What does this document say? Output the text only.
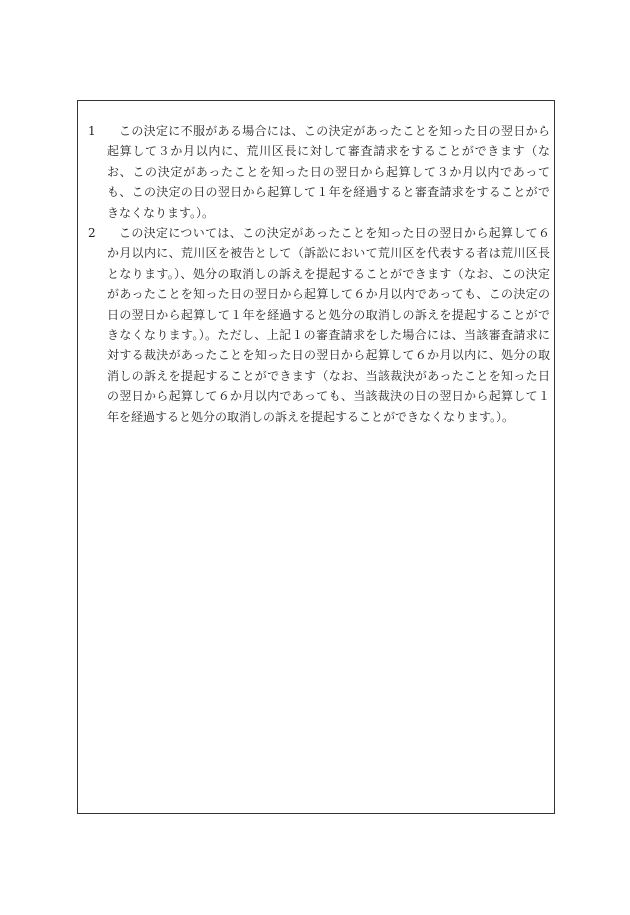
1	この決定に不服がある場合には、この決定があったことを知った日の翌日から起算して３か月以内に、荒川区長に対して審査請求をすることができます（なお、この決定があったことを知った日の翌日から起算して３か月以内であっても、この決定の日の翌日から起算して１年を経過すると審査請求をすることができなくなります。）。
2	この決定については、この決定があったことを知った日の翌日から起算して６か月以内に、荒川区を被告として（訴訟において荒川区を代表する者は荒川区長となります。）、処分の取消しの訴えを提起することができます（なお、この決定があったことを知った日の翌日から起算して６か月以内であっても、この決定の日の翌日から起算して１年を経過すると処分の取消しの訴えを提起することができなくなります。）。ただし、上記１の審査請求をした場合には、当該審査請求に対する裁決があったことを知った日の翌日から起算して６か月以内に、処分の取消しの訴えを提起することができます（なお、当該裁決があったことを知った日の翌日から起算して６か月以内であっても、当該裁決の日の翌日から起算して１年を経過すると処分の取消しの訴えを提起することができなくなります。）。
